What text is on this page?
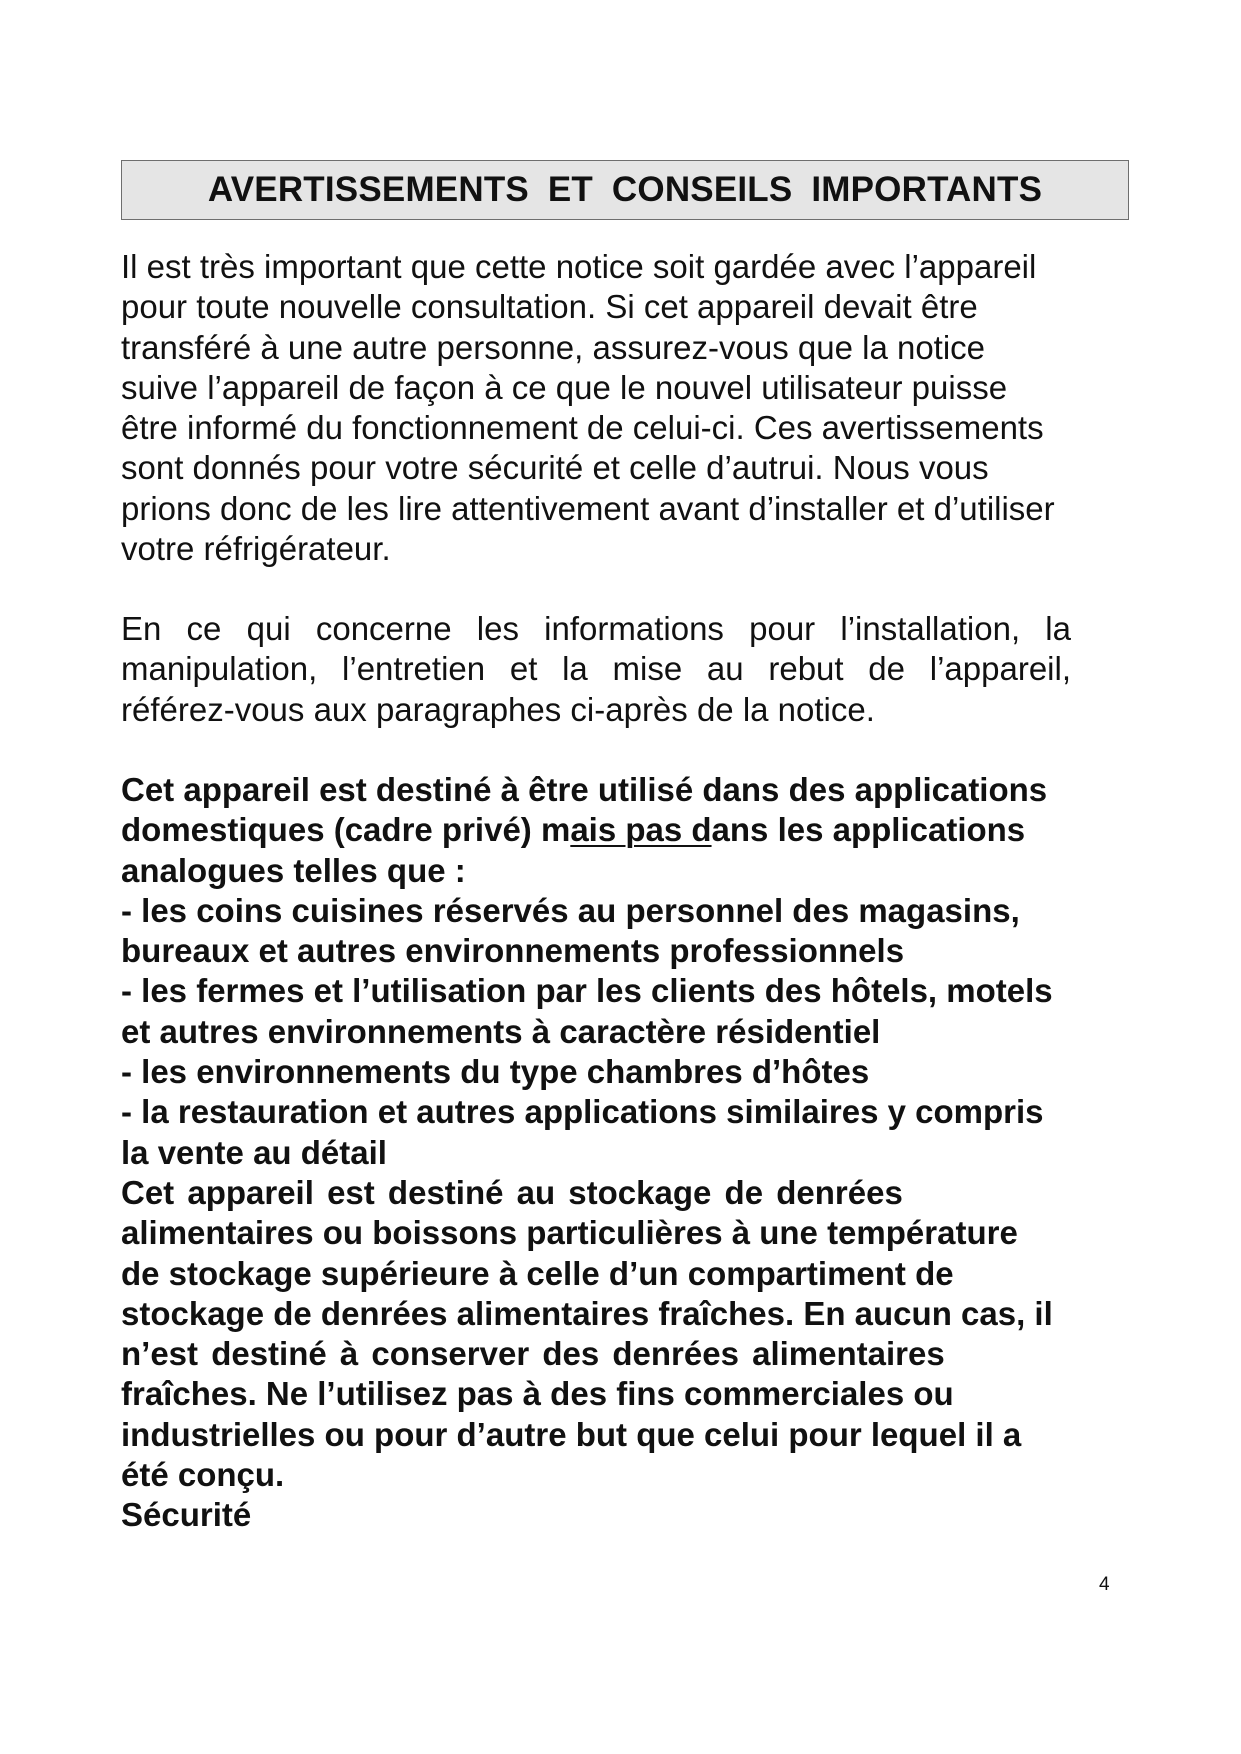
AVERTISSEMENTS ET CONSEILS IMPORTANTS
Il est très important que cette notice soit gardée avec l’appareil
pour toute nouvelle consultation. Si cet appareil devait être
transféré à une autre personne, assurez-vous que la notice
suive l’appareil de façon à ce que le nouvel utilisateur puisse
être informé du fonctionnement de celui-ci. Ces avertissements
sont donnés pour votre sécurité et celle d’autrui. Nous vous
prions donc de les lire attentivement avant d’installer et d’utiliser
votre réfrigérateur.
En ce qui concerne les informations pour l’installation, la
manipulation, l’entretien et la mise au rebut de l’appareil,
référez-vous aux paragraphes ci-après de la notice.
Cet appareil est destiné à être utilisé dans des applications
domestiques (cadre privé) mais pas dans les applications
analogues telles que :
- les coins cuisines réservés au personnel des magasins,
bureaux et autres environnements professionnels
- les fermes et l’utilisation par les clients des hôtels, motels
et autres environnements à caractère résidentiel
- les environnements du type chambres d’hôtes
- la restauration et autres applications similaires y compris
la vente au détail
Cet appareil est destiné au stockage de denrées
alimentaires ou boissons particulières à une température
de stockage supérieure à celle d’un compartiment de
stockage de denrées alimentaires fraîches. En aucun cas, il
n’est destiné à conserver des denrées alimentaires
fraîches. Ne l’utilisez pas à des fins commerciales ou
industrielles ou pour d’autre but que celui pour lequel il a
été conçu.
Sécurité
4
